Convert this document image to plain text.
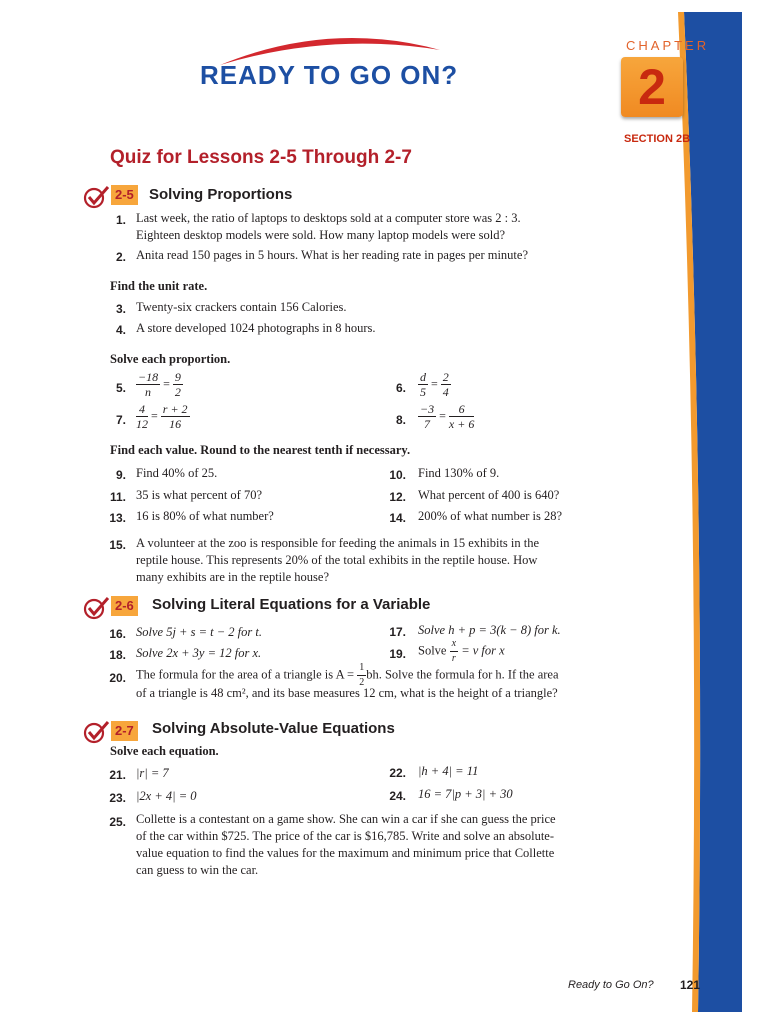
READY TO GO ON?
CHAPTER
2
SECTION 2B
Quiz for Lessons 2-5 Through 2-7
2-5 Solving Proportions
1. Last week, the ratio of laptops to desktops sold at a computer store was 2 : 3.
Eighteen desktop models were sold. How many laptop models were sold?
2. Anita read 150 pages in 5 hours. What is her reading rate in pages per minute?
Find the unit rate.
3. Twenty-six crackers contain 156 Calories.
4. A store developed 1024 photographs in 8 hours.
Solve each proportion.
5. $\frac{-18}{n} = \frac{9}{2}$	6. $\frac{d}{5} = \frac{2}{4}$
7. $\frac{4}{12} = \frac{r + 2}{16}$	8. $\frac{-3}{7} = \frac{6}{x + 6}$
Find each value. Round to the nearest tenth if necessary.
9. Find 40% of 25.	10. Find 130% of 9.
11. 35 is what percent of 70?	12. What percent of 400 is 640?
13. 16 is 80% of what number?	14. 200% of what number is 28?
15. A volunteer at the zoo is responsible for feeding the animals in 15 exhibits in the
reptile house. This represents 20% of the total exhibits in the reptile house. How
many exhibits are in the reptile house?
2-6 Solving Literal Equations for a Variable
16. Solve 5j + s = t − 2 for t.	17. Solve h + p = 3(k − 8) for k.
18. Solve 2x + 3y = 12 for x.	19. Solve $\frac{x}{r} = v$ for x
20. The formula for the area of a triangle is $A = \frac{1}{2}$ bh. Solve the formula for h. If the area
of a triangle is 48 cm², and its base measures 12 cm, what is the height of a triangle?
2-7 Solving Absolute-Value Equations
Solve each equation.
21. |r| = 7	22. |h + 4| = 11
23. |2x + 4| = 0	24. 16 = 7|p + 3| + 30
25. Collette is a contestant on a game show. She can win a car if she can guess the price
of the car within $725. The price of the car is $16,785. Write and solve an absolute-
value equation to find the values for the maximum and minimum price that Collette
can guess to win the car.
Ready to Go On? 121
